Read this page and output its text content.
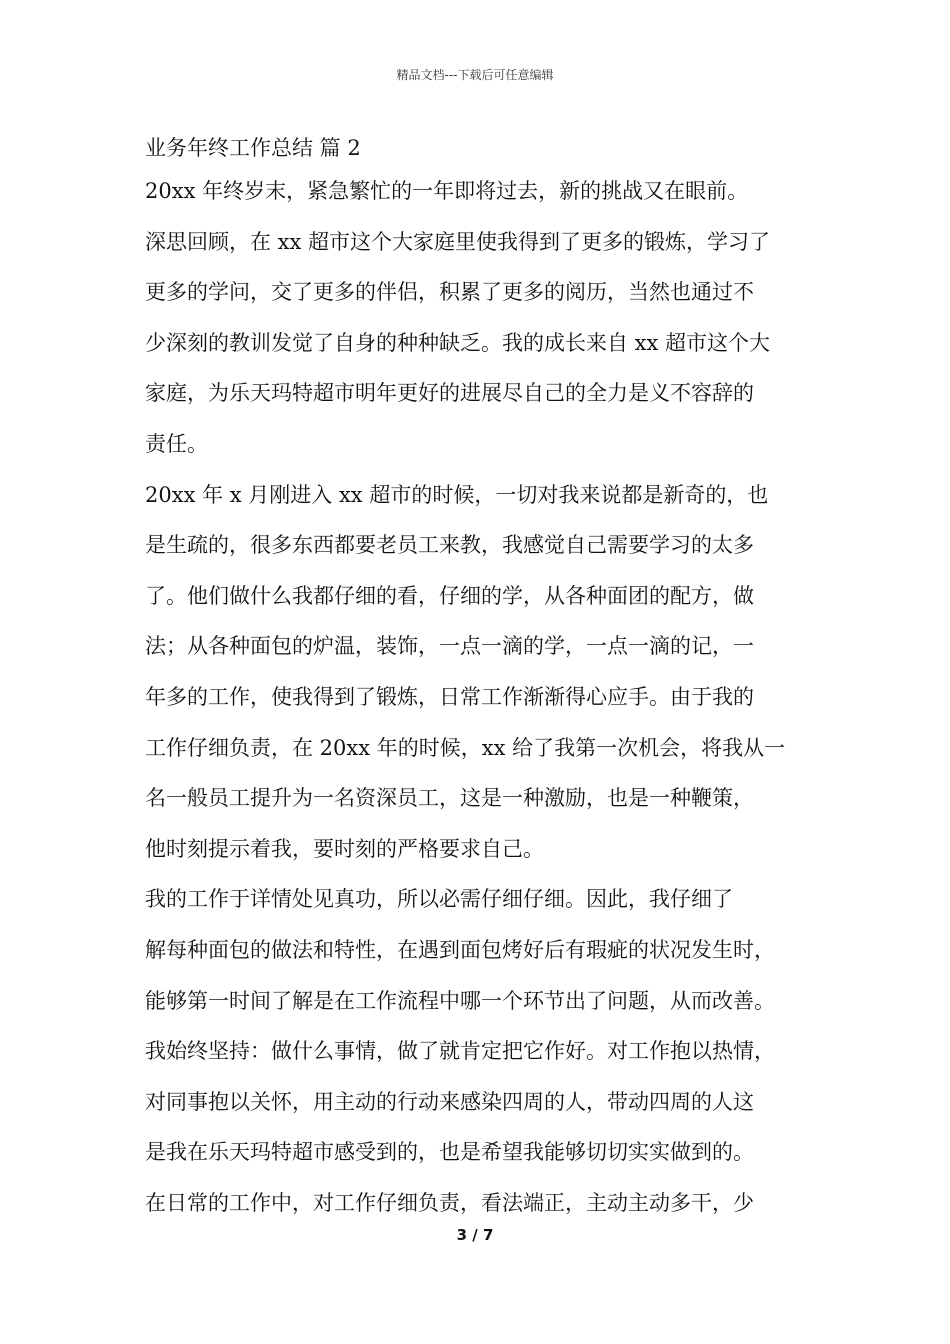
精品文档---下载后可任意编辑
业务年终工作总结 篇 2
20xx 年终岁末，紧急繁忙的一年即将过去，新的挑战又在眼前。
深思回顾，在 xx 超市这个大家庭里使我得到了更多的锻炼，学习了
更多的学问，交了更多的伴侣，积累了更多的阅历，当然也通过不
少深刻的教训发觉了自身的种种缺乏。我的成长来自 xx 超市这个大
家庭，为乐天玛特超市明年更好的进展尽自己的全力是义不容辞的
责任。
20xx 年 x 月刚进入 xx 超市的时候，一切对我来说都是新奇的，也
是生疏的，很多东西都要老员工来教，我感觉自己需要学习的太多
了。他们做什么我都仔细的看，仔细的学，从各种面团的配方，做
法；从各种面包的炉温，装饰，一点一滴的学，一点一滴的记，一
年多的工作，使我得到了锻炼，日常工作渐渐得心应手。由于我的
工作仔细负责，在 20xx 年的时候，xx 给了我第一次机会，将我从一
名一般员工提升为一名资深员工，这是一种激励，也是一种鞭策，
他时刻提示着我，要时刻的严格要求自己。
我的工作于详情处见真功，所以必需仔细仔细。因此，我仔细了
解每种面包的做法和特性，在遇到面包烤好后有瑕疵的状况发生时，
能够第一时间了解是在工作流程中哪一个环节出了问题，从而改善。
我始终坚持：做什么事情，做了就肯定把它作好。对工作抱以热情，
对同事抱以关怀，用主动的行动来感染四周的人，带动四周的人这
是我在乐天玛特超市感受到的，也是希望我能够切切实实做到的。
在日常的工作中，对工作仔细负责，看法端正，主动主动多干，少
3 / 7
